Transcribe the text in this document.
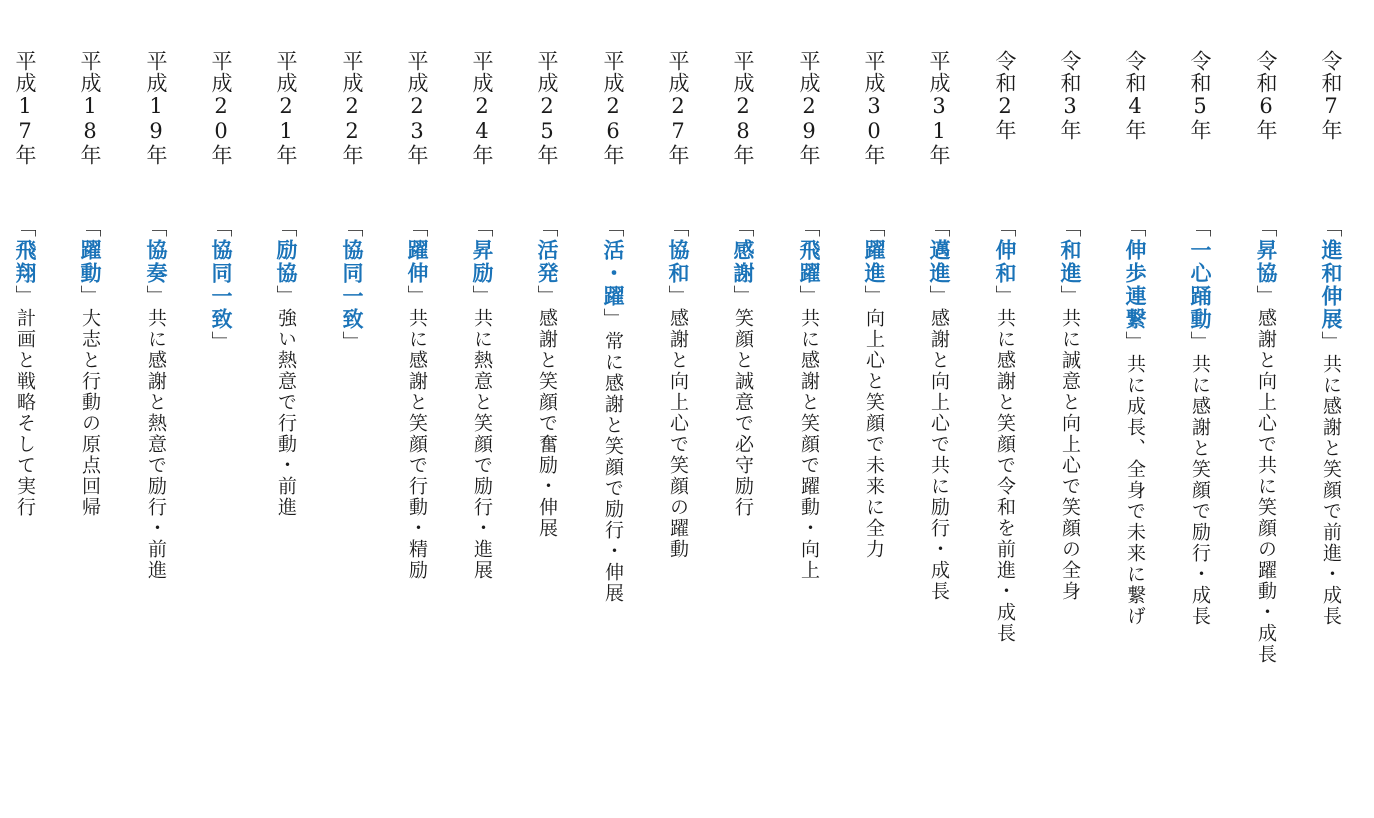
令和7年
「進和伸展」共に感謝と笑顔で前進・成長
令和6年
「昇協」感謝と向上心で共に笑顔の躍動・成長
令和5年
「一心踊動」共に感謝と笑顔で励行・成長
令和4年
「伸歩連繋」共に成長、全身で未来に繋げ
令和3年
「和進」共に誠意と向上心で笑顔の全身
令和2年
「伸和」共に感謝と笑顔で令和を前進・成長
平成31年
「邁進」感謝と向上心で共に励行・成長
平成30年
「躍進」向上心と笑顔で未来に全力
平成29年
「飛躍」共に感謝と笑顔で躍動・向上
平成28年
「感謝」笑顔と誠意で必守励行
平成27年
「協和」感謝と向上心で笑顔の躍動
平成26年
「活・躍」常に感謝と笑顔で励行・伸展
平成25年
「活発」感謝と笑顔で奮励・伸展
平成24年
「昇励」共に熱意と笑顔で励行・進展
平成23年
「躍伸」共に感謝と笑顔で行動・精励
平成22年
「協同一致」
平成21年
「励協」強い熱意で行動・前進
平成20年
「協同一致」
平成19年
「協奏」共に感謝と熱意で励行・前進
平成18年
「躍動」大志と行動の原点回帰
平成17年
「飛翔」計画と戦略そして実行
